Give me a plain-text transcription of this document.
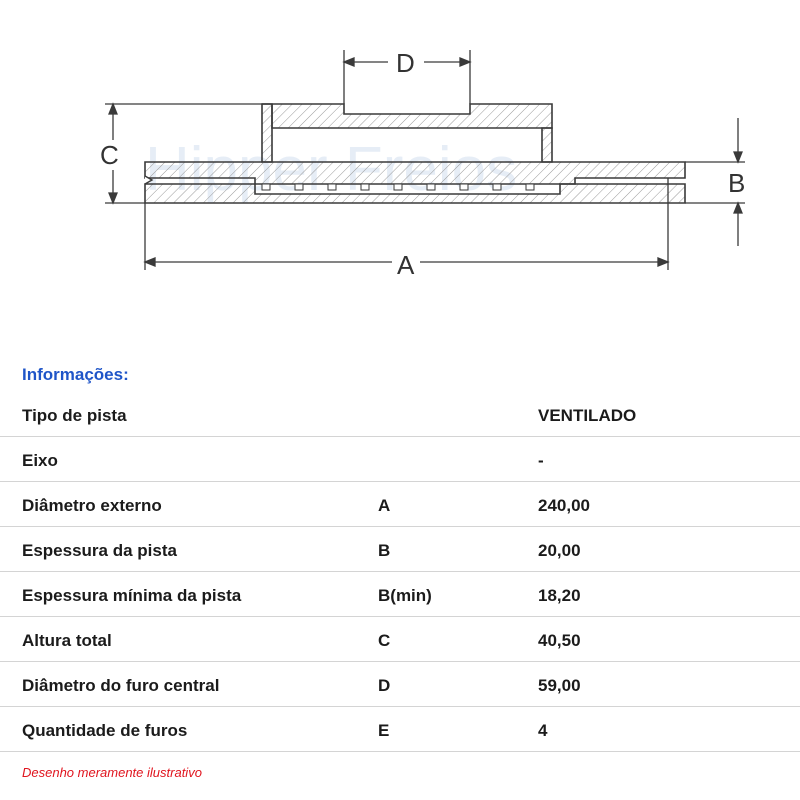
D
C
B
A
Informações:
Tipo de pista	VENTILADO
Eixo	-
Diâmetro externo	A	240,00
Espessura da pista	B	20,00
Espessura mínima da pista	B(min)	18,20
Altura total	C	40,50
Diâmetro do furo central	D	59,00
Quantidade de furos	E	4
Desenho meramente ilustrativo
